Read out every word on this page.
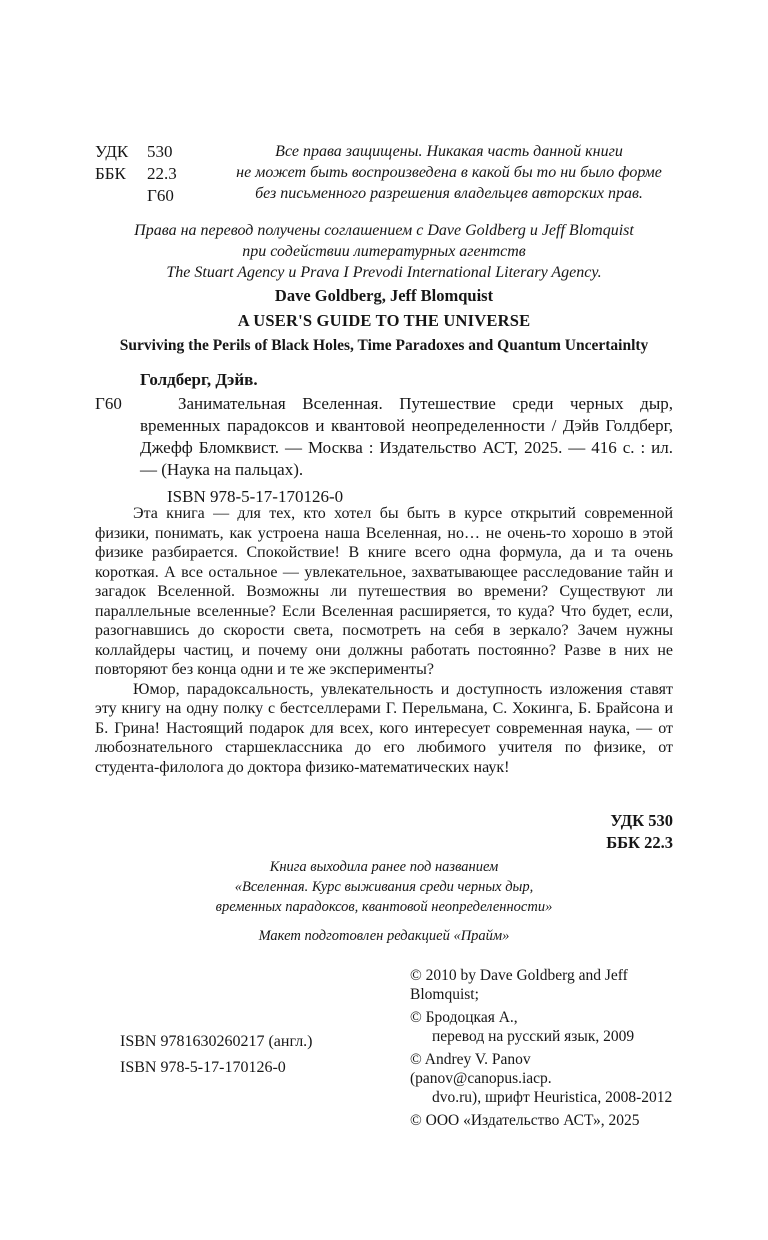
УДК	530
ББК	22.3
Г60
Все права защищены. Никакая часть данной книги
не может быть воспроизведена в какой бы то ни было форме
без письменного разрешения владельцев авторских прав.
Права на перевод получены соглашением с Dave Goldberg и Jeff Blomquist
при содействии литературных агентств
The Stuart Agency и Prava I Prevodi International Literary Agency.
Dave Goldberg, Jeff Blomquist
A USER'S GUIDE TO THE UNIVERSE
Surviving the Perils of Black Holes, Time Paradoxes and Quantum Uncertainlty
Голдберг, Дэйв.
Г60	Занимательная Вселенная. Путешествие среди черных дыр, временных парадоксов и квантовой неопределенности / Дэйв Голдберг, Джефф Бломквист. — Москва : Издательство АСТ, 2025. — 416 с. : ил. — (Наука на пальцах).

ISBN 978-5-17-170126-0

Эта книга — для тех, кто хотел бы быть в курсе открытий современной физики, понимать, как устроена наша Вселенная, но… не очень-то хорошо в этой физике разбирается. Спокойствие! В книге всего одна формула, да и та очень короткая. А все остальное — увлекательное, захватывающее расследование тайн и загадок Вселенной. Возможны ли путешествия во времени? Существуют ли параллельные вселенные? Если Вселенная расширяется, то куда? Что будет, если, разогнавшись до скорости света, посмотреть на себя в зеркало? Зачем нужны коллайдеры частиц, и почему они должны работать постоянно? Разве в них не повторяют без конца одни и те же эксперименты?

Юмор, парадоксальность, увлекательность и доступность изложения ставят эту книгу на одну полку с бестселлерами Г. Перельмана, С. Хокинга, Б. Брайсона и Б. Грина! Настоящий подарок для всех, кого интересует современная наука, — от любознательного старшеклассника до его любимого учителя по физике, от студента-филолога до доктора физико-математических наук!

УДК 530
ББК 22.3
Книга выходила ранее под названием
«Вселенная. Курс выживания среди черных дыр,
временных парадоксов, квантовой неопределенности»
Макет подготовлен редакцией «Прайм»
ISBN 9781630260217 (англ.)
ISBN 978-5-17-170126-0
© 2010 by Dave Goldberg and Jeff Blomquist;
© Бродоцкая А.,
перевод на русский язык, 2009
© Andrey V. Panov (panov@canopus.iacp.
dvo.ru), шрифт Heuristica, 2008-2012
© ООО «Издательство АСТ», 2025
